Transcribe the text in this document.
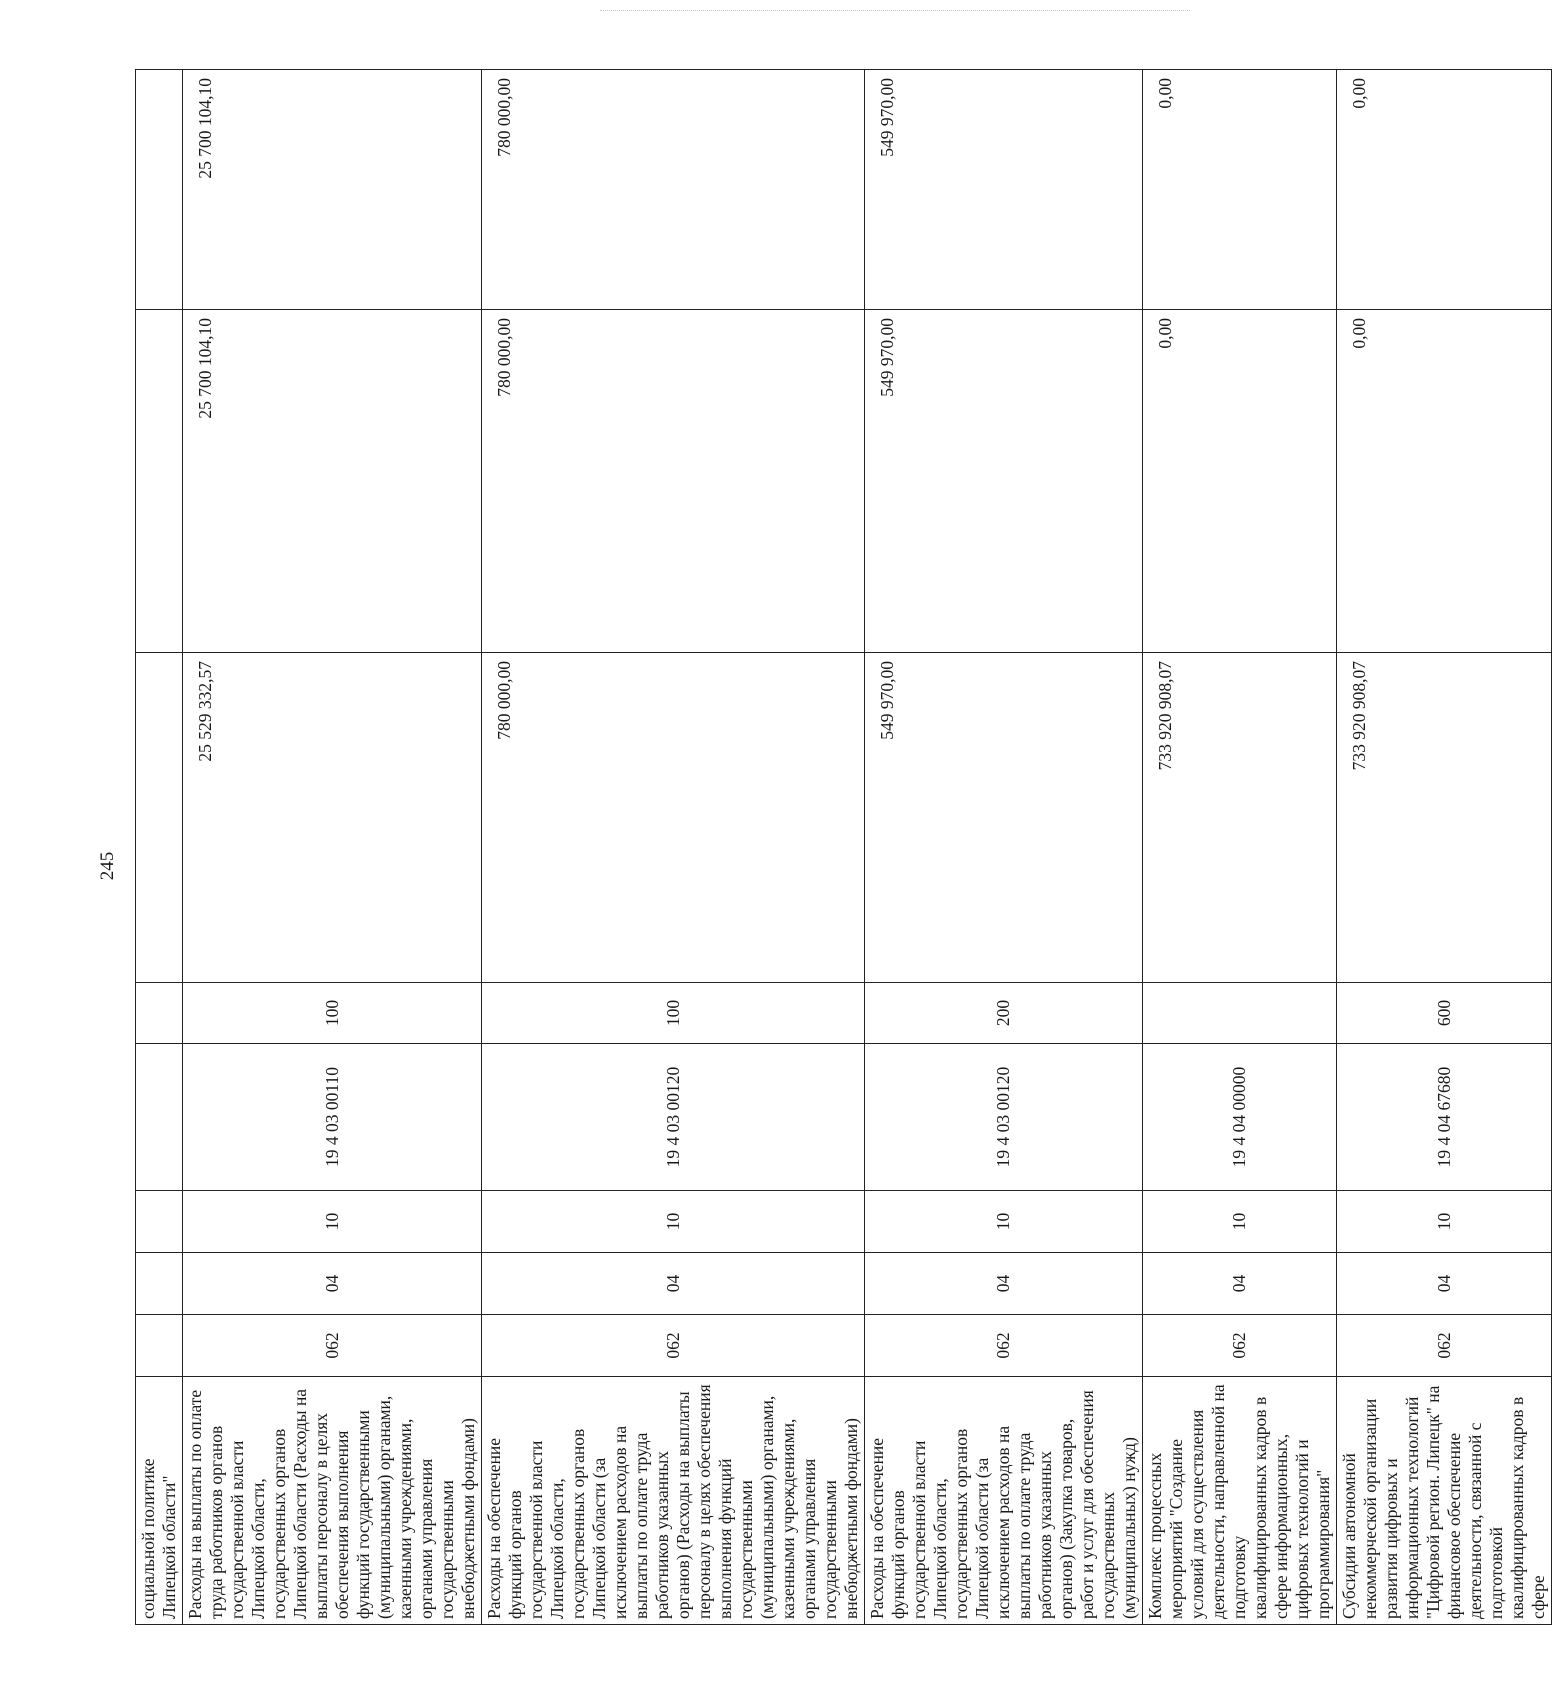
245
социальной политике Липецкой области"								
Расходы на выплаты по оплате труда работников органов государственной власти Липецкой области, государственных органов Липецкой области (Расходы на выплаты персоналу в целях обеспечения выполнения функций государственными (муниципальными) органами, казенными учреждениями, органами управления государственными внебюджетными фондами)	062	04	10	19 4 03 00110	100	25 529 332,57	25 700 104,10	25 700 104,10
Расходы на обеспечение функций органов государственной власти Липецкой области, государственных органов Липецкой области (за исключением расходов на выплаты по оплате труда работников указанных органов) (Расходы на выплаты персоналу в целях обеспечения выполнения функций государственными (муниципальными) органами, казенными учреждениями, органами управления государственными внебюджетными фондами)	062	04	10	19 4 03 00120	100	780 000,00	780 000,00	780 000,00
Расходы на обеспечение функций органов государственной власти Липецкой области, государственных органов Липецкой области (за исключением расходов на выплаты по оплате труда работников указанных органов) (Закупка товаров, работ и услуг для обеспечения государственных (муниципальных) нужд)	062	04	10	19 4 03 00120	200	549 970,00	549 970,00	549 970,00
Комплекс процессных мероприятий "Создание условий для осуществления деятельности, направленной на подготовку квалифицированных кадров в сфере информационных, цифровых технологий и программирования"	062	04	10	19 4 04 00000		733 920 908,07	0,00	0,00
Субсидии автономной некоммерческой организации развития цифровых и информационных технологий "Цифровой регион. Липецк" на финансовое обеспечение деятельности, связанной с подготовкой квалифицированных кадров в сфере	062	04	10	19 4 04 67680	600	733 920 908,07	0,00	0,00
